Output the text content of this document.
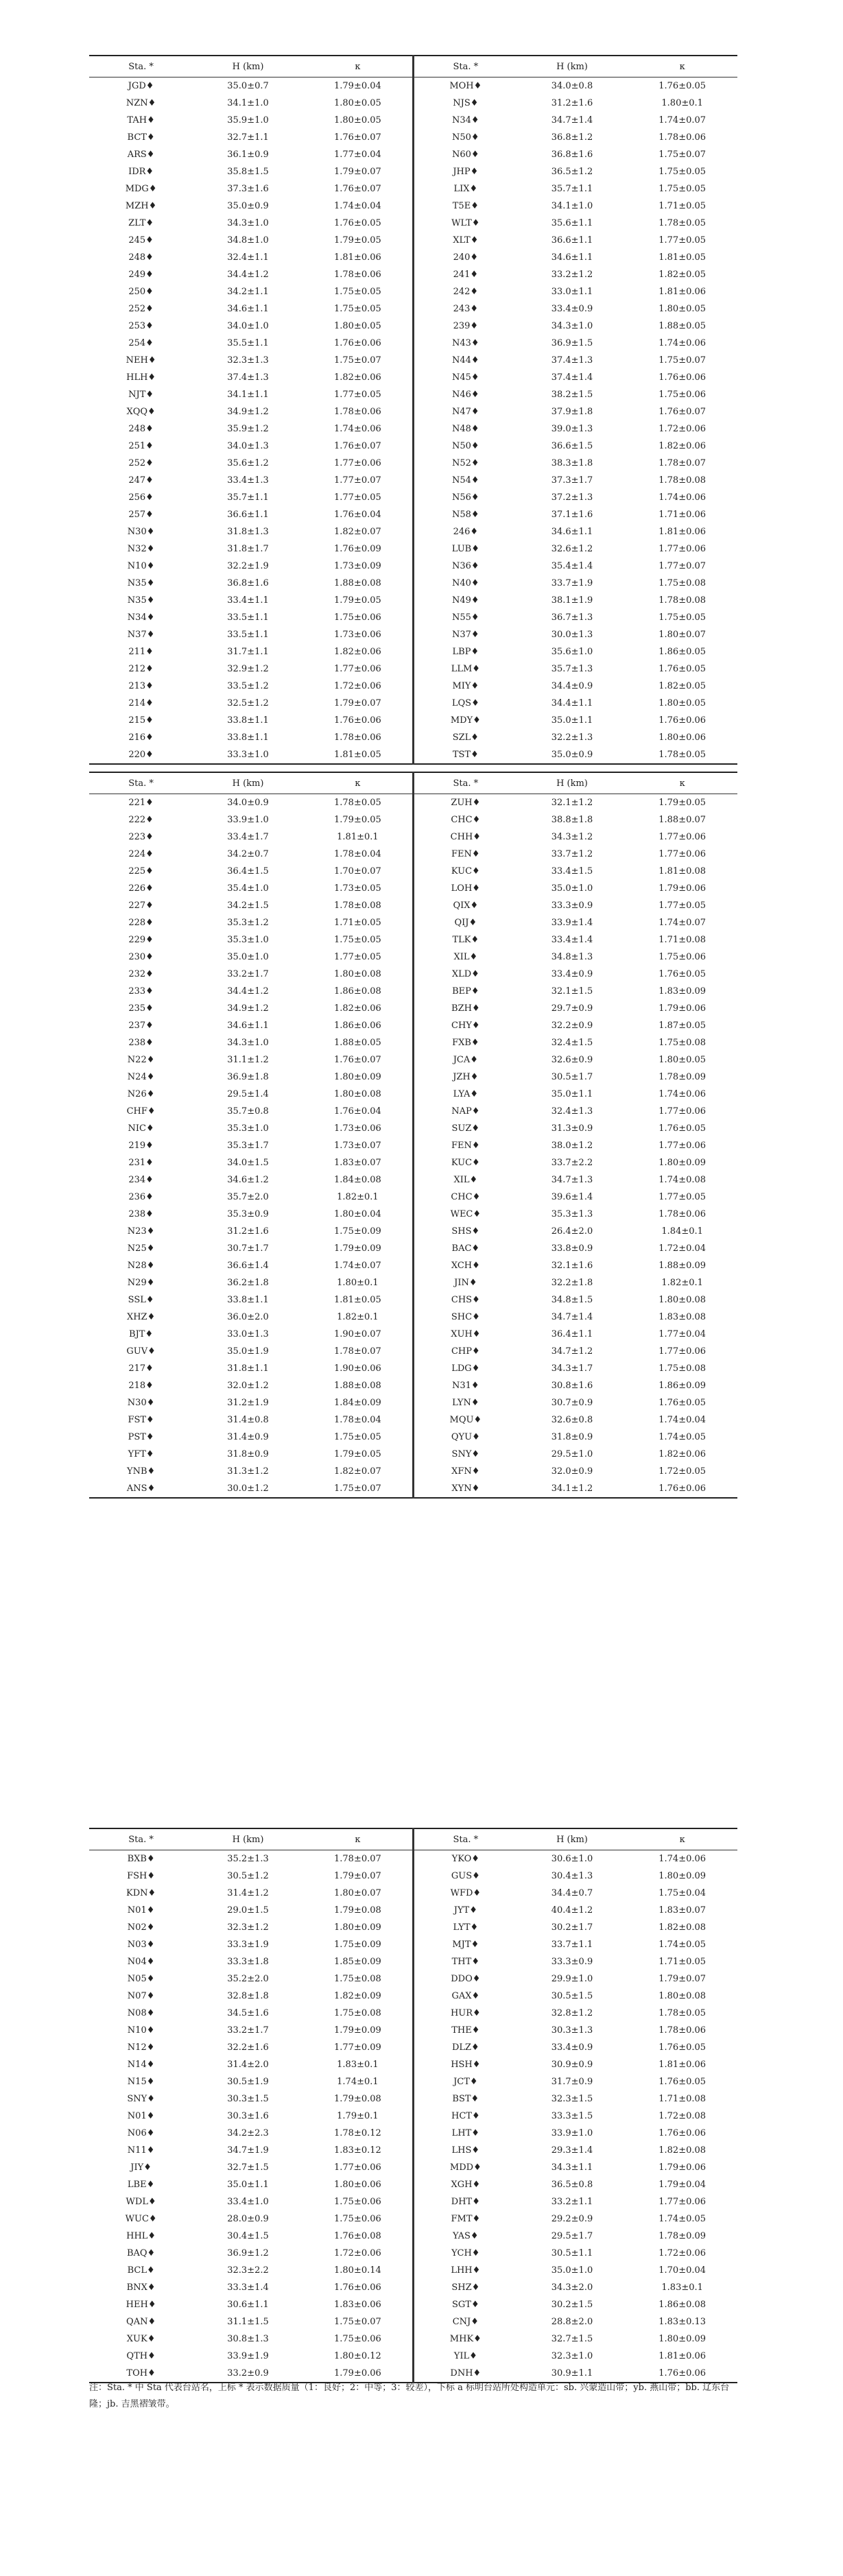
Sta. *	H (km)	κ	Sta. *	H (km)	κ
JGD♦	35.0±0.7	1.79±0.04	MOH♦	34.0±0.8	1.76±0.05
NZN♦	34.1±1.0	1.80±0.05	NJS♦	31.2±1.6	1.80±0.1
TAH♦	35.9±1.0	1.80±0.05	N34♦	34.7±1.4	1.74±0.07
BCT♦	32.7±1.1	1.76±0.07	N50♦	36.8±1.2	1.78±0.06
ARS♦	36.1±0.9	1.77±0.04	N60♦	36.8±1.6	1.75±0.07
IDR♦	35.8±1.5	1.79±0.07	JHP♦	36.5±1.2	1.75±0.05
MDG♦	37.3±1.6	1.76±0.07	LIX♦	35.7±1.1	1.75±0.05
MZH♦	35.0±0.9	1.74±0.04	T5E♦	34.1±1.0	1.71±0.05
ZLT♦	34.3±1.0	1.76±0.05	WLT♦	35.6±1.1	1.78±0.05
245♦	34.8±1.0	1.79±0.05	XLT♦	36.6±1.1	1.77±0.05
248♦	32.4±1.1	1.81±0.06	240♦	34.6±1.1	1.81±0.05
249♦	34.4±1.2	1.78±0.06	241♦	33.2±1.2	1.82±0.05
250♦	34.2±1.1	1.75±0.05	242♦	33.0±1.1	1.81±0.06
252♦	34.6±1.1	1.75±0.05	243♦	33.4±0.9	1.80±0.05
253♦	34.0±1.0	1.80±0.05	239♦	34.3±1.0	1.88±0.05
254♦	35.5±1.1	1.76±0.06	N43♦	36.9±1.5	1.74±0.06
NEH♦	32.3±1.3	1.75±0.07	N44♦	37.4±1.3	1.75±0.07
HLH♦	37.4±1.3	1.82±0.06	N45♦	37.4±1.4	1.76±0.06
NJT♦	34.1±1.1	1.77±0.05	N46♦	38.2±1.5	1.75±0.06
XQQ♦	34.9±1.2	1.78±0.06	N47♦	37.9±1.8	1.76±0.07
248♦	35.9±1.2	1.74±0.06	N48♦	39.0±1.3	1.72±0.06
251♦	34.0±1.3	1.76±0.07	N50♦	36.6±1.5	1.82±0.06
252♦	35.6±1.2	1.77±0.06	N52♦	38.3±1.8	1.78±0.07
247♦	33.4±1.3	1.77±0.07	N54♦	37.3±1.7	1.78±0.08
256♦	35.7±1.1	1.77±0.05	N56♦	37.2±1.3	1.74±0.06
257♦	36.6±1.1	1.76±0.04	N58♦	37.1±1.6	1.71±0.06
N30♦	31.8±1.3	1.82±0.07	246♦	34.6±1.1	1.81±0.06
N32♦	31.8±1.7	1.76±0.09	LUB♦	32.6±1.2	1.77±0.06
N10♦	32.2±1.9	1.73±0.09	N36♦	35.4±1.4	1.77±0.07
N35♦	36.8±1.6	1.88±0.08	N40♦	33.7±1.9	1.75±0.08
N35♦	33.4±1.1	1.79±0.05	N49♦	38.1±1.9	1.78±0.08
N34♦	33.5±1.1	1.75±0.06	N55♦	36.7±1.3	1.75±0.05
N37♦	33.5±1.1	1.73±0.06	N37♦	30.0±1.3	1.80±0.07
211♦	31.7±1.1	1.82±0.06	LBP♦	35.6±1.0	1.86±0.05
212♦	32.9±1.2	1.77±0.06	LLM♦	35.7±1.3	1.76±0.05
213♦	33.5±1.2	1.72±0.06	MIY♦	34.4±0.9	1.82±0.05
214♦	32.5±1.2	1.79±0.07	LQS♦	34.4±1.1	1.80±0.05
215♦	33.8±1.1	1.76±0.06	MDY♦	35.0±1.1	1.76±0.06
216♦	33.8±1.1	1.78±0.06	SZL♦	32.2±1.3	1.80±0.06
220♦	33.3±1.0	1.81±0.05	TST♦	35.0±0.9	1.78±0.05
Sta. *	H (km)	κ	Sta. *	H (km)	κ
221♦	34.0±0.9	1.78±0.05	ZUH♦	32.1±1.2	1.79±0.05
222♦	33.9±1.0	1.79±0.05	CHC♦	38.8±1.8	1.88±0.07
223♦	33.4±1.7	1.81±0.1	CHH♦	34.3±1.2	1.77±0.06
224♦	34.2±0.7	1.78±0.04	FEN♦	33.7±1.2	1.77±0.06
225♦	36.4±1.5	1.70±0.07	KUC♦	33.4±1.5	1.81±0.08
226♦	35.4±1.0	1.73±0.05	LOH♦	35.0±1.0	1.79±0.06
227♦	34.2±1.5	1.78±0.08	QIX♦	33.3±0.9	1.77±0.05
228♦	35.3±1.2	1.71±0.05	QIJ♦	33.9±1.4	1.74±0.07
229♦	35.3±1.0	1.75±0.05	TLK♦	33.4±1.4	1.71±0.08
230♦	35.0±1.0	1.77±0.05	XIL♦	34.8±1.3	1.75±0.06
232♦	33.2±1.7	1.80±0.08	XLD♦	33.4±0.9	1.76±0.05
233♦	34.4±1.2	1.86±0.08	BEP♦	32.1±1.5	1.83±0.09
235♦	34.9±1.2	1.82±0.06	BZH♦	29.7±0.9	1.79±0.06
237♦	34.6±1.1	1.86±0.06	CHY♦	32.2±0.9	1.87±0.05
238♦	34.3±1.0	1.88±0.05	FXB♦	32.4±1.5	1.75±0.08
N22♦	31.1±1.2	1.76±0.07	JCA♦	32.6±0.9	1.80±0.05
N24♦	36.9±1.8	1.80±0.09	JZH♦	30.5±1.7	1.78±0.09
N26♦	29.5±1.4	1.80±0.08	LYA♦	35.0±1.1	1.74±0.06
CHF♦	35.7±0.8	1.76±0.04	NAP♦	32.4±1.3	1.77±0.06
NIC♦	35.3±1.0	1.73±0.06	SUZ♦	31.3±0.9	1.76±0.05
219♦	35.3±1.7	1.73±0.07	FEN♦	38.0±1.2	1.77±0.06
231♦	34.0±1.5	1.83±0.07	KUC♦	33.7±2.2	1.80±0.09
234♦	34.6±1.2	1.84±0.08	XIL♦	34.7±1.3	1.74±0.08
236♦	35.7±2.0	1.82±0.1	CHC♦	39.6±1.4	1.77±0.05
238♦	35.3±0.9	1.80±0.04	WEC♦	35.3±1.3	1.78±0.06
N23♦	31.2±1.6	1.75±0.09	SHS♦	26.4±2.0	1.84±0.1
N25♦	30.7±1.7	1.79±0.09	BAC♦	33.8±0.9	1.72±0.04
N28♦	36.6±1.4	1.74±0.07	XCH♦	32.1±1.6	1.88±0.09
N29♦	36.2±1.8	1.80±0.1	JIN♦	32.2±1.8	1.82±0.1
SSL♦	33.8±1.1	1.81±0.05	CHS♦	34.8±1.5	1.80±0.08
XHZ♦	36.0±2.0	1.82±0.1	SHC♦	34.7±1.4	1.83±0.08
BJT♦	33.0±1.3	1.90±0.07	XUH♦	36.4±1.1	1.77±0.04
GUV♦	35.0±1.9	1.78±0.07	CHP♦	34.7±1.2	1.77±0.06
217♦	31.8±1.1	1.90±0.06	LDG♦	34.3±1.7	1.75±0.08
218♦	32.0±1.2	1.88±0.08	N31♦	30.8±1.6	1.86±0.09
N30♦	31.2±1.9	1.84±0.09	LYN♦	30.7±0.9	1.76±0.05
FST♦	31.4±0.8	1.78±0.04	MQU♦	32.6±0.8	1.74±0.04
PST♦	31.4±0.9	1.75±0.05	QYU♦	31.8±0.9	1.74±0.05
YFT♦	31.8±0.9	1.79±0.05	SNY♦	29.5±1.0	1.82±0.06
YNB♦	31.3±1.2	1.82±0.07	XFN♦	32.0±0.9	1.72±0.05
ANS♦	30.0±1.2	1.75±0.07	XYN♦	34.1±1.2	1.76±0.06
Sta. *	H (km)	κ	Sta. *	H (km)	κ
BXB♦	35.2±1.3	1.78±0.07	YKO♦	30.6±1.0	1.74±0.06
FSH♦	30.5±1.2	1.79±0.07	GUS♦	30.4±1.3	1.80±0.09
KDN♦	31.4±1.2	1.80±0.07	WFD♦	34.4±0.7	1.75±0.04
N01♦	29.0±1.5	1.79±0.08	JYT♦	40.4±1.2	1.83±0.07
N02♦	32.3±1.2	1.80±0.09	LYT♦	30.2±1.7	1.82±0.08
N03♦	33.3±1.9	1.75±0.09	MJT♦	33.7±1.1	1.74±0.05
N04♦	33.3±1.8	1.85±0.09	THT♦	33.3±0.9	1.71±0.05
N05♦	35.2±2.0	1.75±0.08	DDO♦	29.9±1.0	1.79±0.07
N07♦	32.8±1.8	1.82±0.09	GAX♦	30.5±1.5	1.80±0.08
N08♦	34.5±1.6	1.75±0.08	HUR♦	32.8±1.2	1.78±0.05
N10♦	33.2±1.7	1.79±0.09	THE♦	30.3±1.3	1.78±0.06
N12♦	32.2±1.6	1.77±0.09	DLZ♦	33.4±0.9	1.76±0.05
N14♦	31.4±2.0	1.83±0.1	HSH♦	30.9±0.9	1.81±0.06
N15♦	30.5±1.9	1.74±0.1	JCT♦	31.7±0.9	1.76±0.05
SNY♦	30.3±1.5	1.79±0.08	BST♦	32.3±1.5	1.71±0.08
N01♦	30.3±1.6	1.79±0.1	HCT♦	33.3±1.5	1.72±0.08
N06♦	34.2±2.3	1.78±0.12	LHT♦	33.9±1.0	1.76±0.06
N11♦	34.7±1.9	1.83±0.12	LHS♦	29.3±1.4	1.82±0.08
JIY♦	32.7±1.5	1.77±0.06	MDD♦	34.3±1.1	1.79±0.06
LBE♦	35.0±1.1	1.80±0.06	XGH♦	36.5±0.8	1.79±0.04
WDL♦	33.4±1.0	1.75±0.06	DHT♦	33.2±1.1	1.77±0.06
WUC♦	28.0±0.9	1.75±0.06	FMT♦	29.2±0.9	1.74±0.05
HHL♦	30.4±1.5	1.76±0.08	YAS♦	29.5±1.7	1.78±0.09
BAQ♦	36.9±1.2	1.72±0.06	YCH♦	30.5±1.1	1.72±0.06
BCL♦	32.3±2.2	1.80±0.14	LHH♦	35.0±1.0	1.70±0.04
BNX♦	33.3±1.4	1.76±0.06	SHZ♦	34.3±2.0	1.83±0.1
HEH♦	30.6±1.1	1.83±0.06	SGT♦	30.2±1.5	1.86±0.08
QAN♦	31.1±1.5	1.75±0.07	CNJ♦	28.8±2.0	1.83±0.13
XUK♦	30.8±1.3	1.75±0.06	MHK♦	32.7±1.5	1.80±0.09
QTH♦	33.9±1.9	1.80±0.12	YIL♦	32.3±1.0	1.81±0.06
TOH♦	33.2±0.9	1.79±0.06	DNH♦	30.9±1.1	1.76±0.06
注：Sta. * 中 Sta 代表台站名，上标 * 表示数据质量（1：良好；2：中等；3：较差），下标 a 标明台站所处构造单元：sb. 兴蒙造山带；yb. 燕山带；bb. 辽东台隆；jb. 吉黑褶皱带。
